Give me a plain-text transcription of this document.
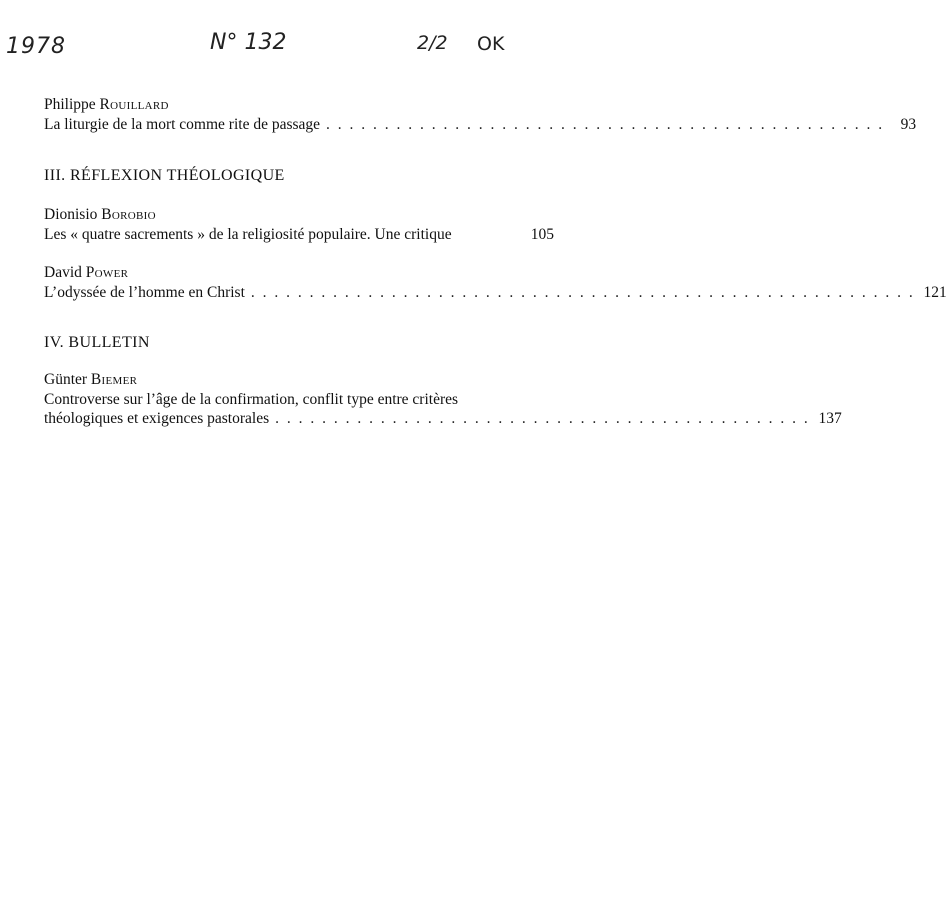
1978	N° 132	2/2 OK
Philippe Rouillard
La liturgie de la mort comme rite de passage . . . . . . . . . . . . . . . . . . . . . . . . . . . . . . . . . . . . . . . . . . . . . . . .	93
III. RÉFLEXION THÉOLOGIQUE
Dionisio Borobio
Les « quatre sacrements » de la religiosité populaire. Une critique	105
David Power
L’odyssée de l’homme en Christ . . . . . . . . . . . . . . . . . . . . . . . . . . . . . . . . . . . . . . . . . . . . . . . . . . . . . . . . . 121
IV. BULLETIN
Günter Biemer
Controverse sur l’âge de la confirmation, conflit type entre critères
théologiques et exigences pastorales . . . . . . . . . . . . . . . . . . . . . . . . . . . . . . . . . . . . . . . . . . . . . . 137
